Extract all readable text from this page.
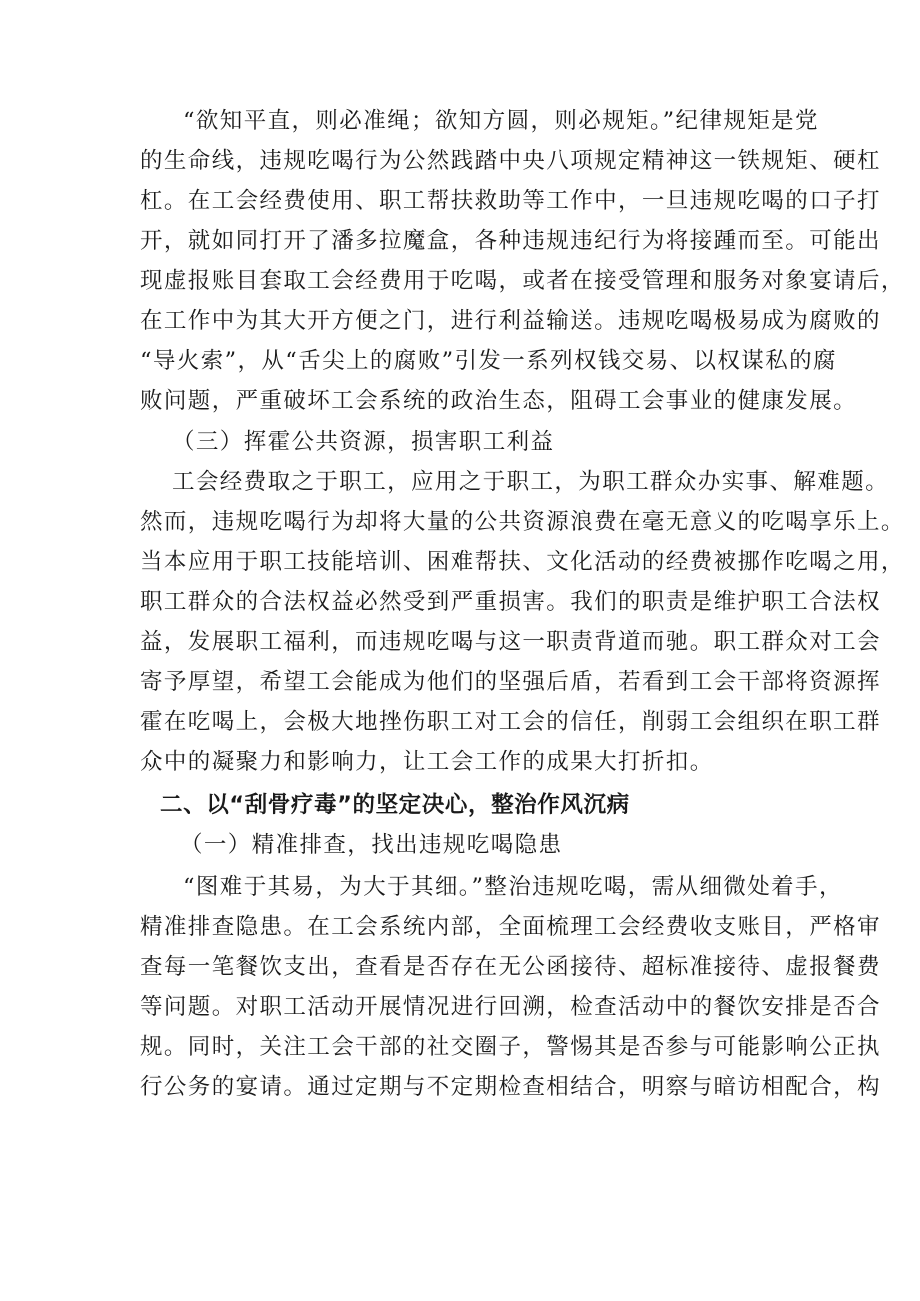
“欲知平直，则必准绳；欲知方圆，则必规矩。”纪律规矩是党
的生命线，违规吃喝行为公然践踏中央八项规定精神这一铁规矩、硬杠
杠。在工会经费使用、职工帮扶救助等工作中，一旦违规吃喝的口子打
开，就如同打开了潘多拉魔盒，各种违规违纪行为将接踵而至。可能出
现虚报账目套取工会经费用于吃喝，或者在接受管理和服务对象宴请后，
在工作中为其大开方便之门，进行利益输送。违规吃喝极易成为腐败的
“导火索”，从“舌尖上的腐败”引发一系列权钱交易、以权谋私的腐
败问题，严重破坏工会系统的政治生态，阻碍工会事业的健康发展。
（三）挥霍公共资源，损害职工利益
工会经费取之于职工，应用之于职工，为职工群众办实事、解难题。
然而，违规吃喝行为却将大量的公共资源浪费在毫无意义的吃喝享乐上。
当本应用于职工技能培训、困难帮扶、文化活动的经费被挪作吃喝之用，
职工群众的合法权益必然受到严重损害。我们的职责是维护职工合法权
益，发展职工福利，而违规吃喝与这一职责背道而驰。职工群众对工会
寄予厚望，希望工会能成为他们的坚强后盾，若看到工会干部将资源挥
霍在吃喝上，会极大地挫伤职工对工会的信任，削弱工会组织在职工群
众中的凝聚力和影响力，让工会工作的成果大打折扣。
二、以“刮骨疗毒”的坚定决心，整治作风沉病
（一）精准排查，找出违规吃喝隐患
“图难于其易，为大于其细。”整治违规吃喝，需从细微处着手，
精准排查隐患。在工会系统内部，全面梳理工会经费收支账目，严格审
查每一笔餐饮支出，查看是否存在无公函接待、超标准接待、虚报餐费
等问题。对职工活动开展情况进行回溯，检查活动中的餐饮安排是否合
规。同时，关注工会干部的社交圈子，警惕其是否参与可能影响公正执
行公务的宴请。通过定期与不定期检查相结合，明察与暗访相配合，构
